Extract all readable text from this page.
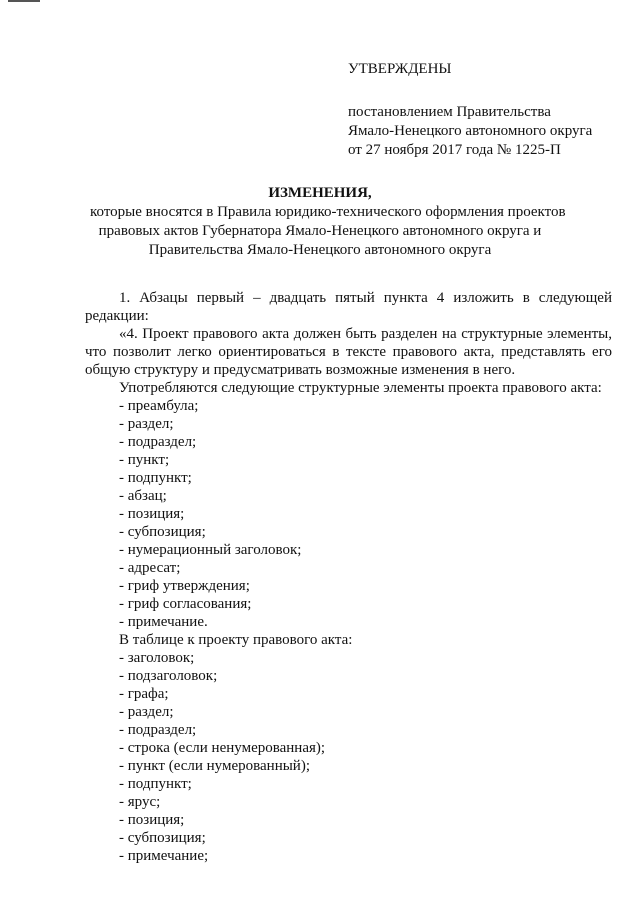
УТВЕРЖДЕНЫ
постановлением Правительства
Ямало-Ненецкого автономного округа
от 27 ноября 2017 года № 1225-П
ИЗМЕНЕНИЯ,
которые вносятся в Правила юридико-технического оформления проектов
правовых актов Губернатора Ямало-Ненецкого автономного округа и
Правительства Ямало-Ненецкого автономного округа

1. Абзацы первый – двадцать пятый пункта 4 изложить в следующей редакции:

«4. Проект правового акта должен быть разделен на структурные элементы, что позволит легко ориентироваться в тексте правового акта, представлять его общую структуру и предусматривать возможные изменения в него.

Употребляются следующие структурные элементы проекта правового акта:
- преамбула;
- раздел;
- подраздел;
- пункт;
- подпункт;
- абзац;
- позиция;
- субпозиция;
- нумерационный заголовок;
- адресат;
- гриф утверждения;
- гриф согласования;
- примечание.
В таблице к проекту правового акта:
- заголовок;
- подзаголовок;
- графа;
- раздел;
- подраздел;
- строка (если ненумерованная);
- пункт (если нумерованный);
- подпункт;
- ярус;
- позиция;
- субпозиция;
- примечание;
